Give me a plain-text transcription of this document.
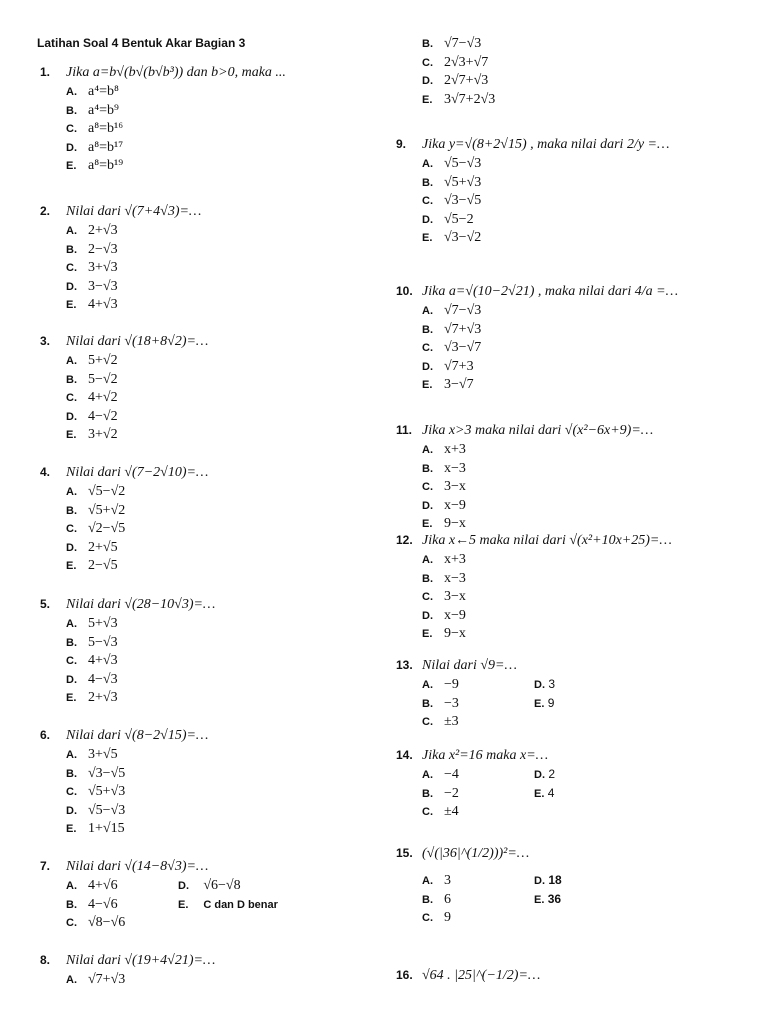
Latihan Soal 4 Bentuk Akar Bagian 3
1. Jika a=b√(b√(b√b³)) dan b>0, maka ...
A. a⁴=b⁸
B. a⁴=b⁹
C. a⁸=b¹⁶
D. a⁸=b¹⁷
E. a⁸=b¹⁹
2. Nilai dari √(7+4√3)=…
A. 2+√3
B. 2−√3
C. 3+√3
D. 3−√3
E. 4+√3
3. Nilai dari √(18+8√2)=…
A. 5+√2
B. 5−√2
C. 4+√2
D. 4−√2
E. 3+√2
4. Nilai dari √(7−2√10)=…
A. √5−√2
B. √5+√2
C. √2−√5
D. 2+√5
E. 2−√5
5. Nilai dari √(28−10√3)=…
A. 5+√3
B. 5−√3
C. 4+√3
D. 4−√3
E. 2+√3
6. Nilai dari √(8−2√15)=…
A. 3+√5
B. √3−√5
C. √5+√3
D. √5−√3
E. 1+√15
7. Nilai dari √(14−8√3)=…
A. 4+√6	D. √6−√8
B. 4−√6	E. C dan D benar
C. √8−√6
8. Nilai dari √(19+4√21)=…
A. √7+√3
B. √7−√3
C. 2√3+√7
D. 2√7+√3
E. 3√7+2√3
9. Jika y=√(8+2√15) , maka nilai dari 2/y =…
A. √5−√3
B. √5+√3
C. √3−√5
D. √5−2
E. √3−√2
10. Jika a=√(10−2√21) , maka nilai dari 4/a =…
A. √7−√3
B. √7+√3
C. √3−√7
D. √7+3
E. 3−√7
11. Jika x>3 maka nilai dari √(x²−6x+9)=…
A. x+3
B. x−3
C. 3−x
D. x−9
E. 9−x
12. Jika x←5 maka nilai dari √(x²+10x+25)=…
A. x+3
B. x−3
C. 3−x
D. x−9
E. 9−x
13. Nilai dari √9=…
A. −9	D. 3
B. −3	E. 9
C. ±3
14. Jika x²=16 maka x=…
A. −4	D. 2
B. −2	E. 4
C. ±4
15. (√(|36|^(1/2)))²=…
A. 3	D. 18
B. 6	E. 36
C. 9
16. √64 . |25|^(−1/2)=…
